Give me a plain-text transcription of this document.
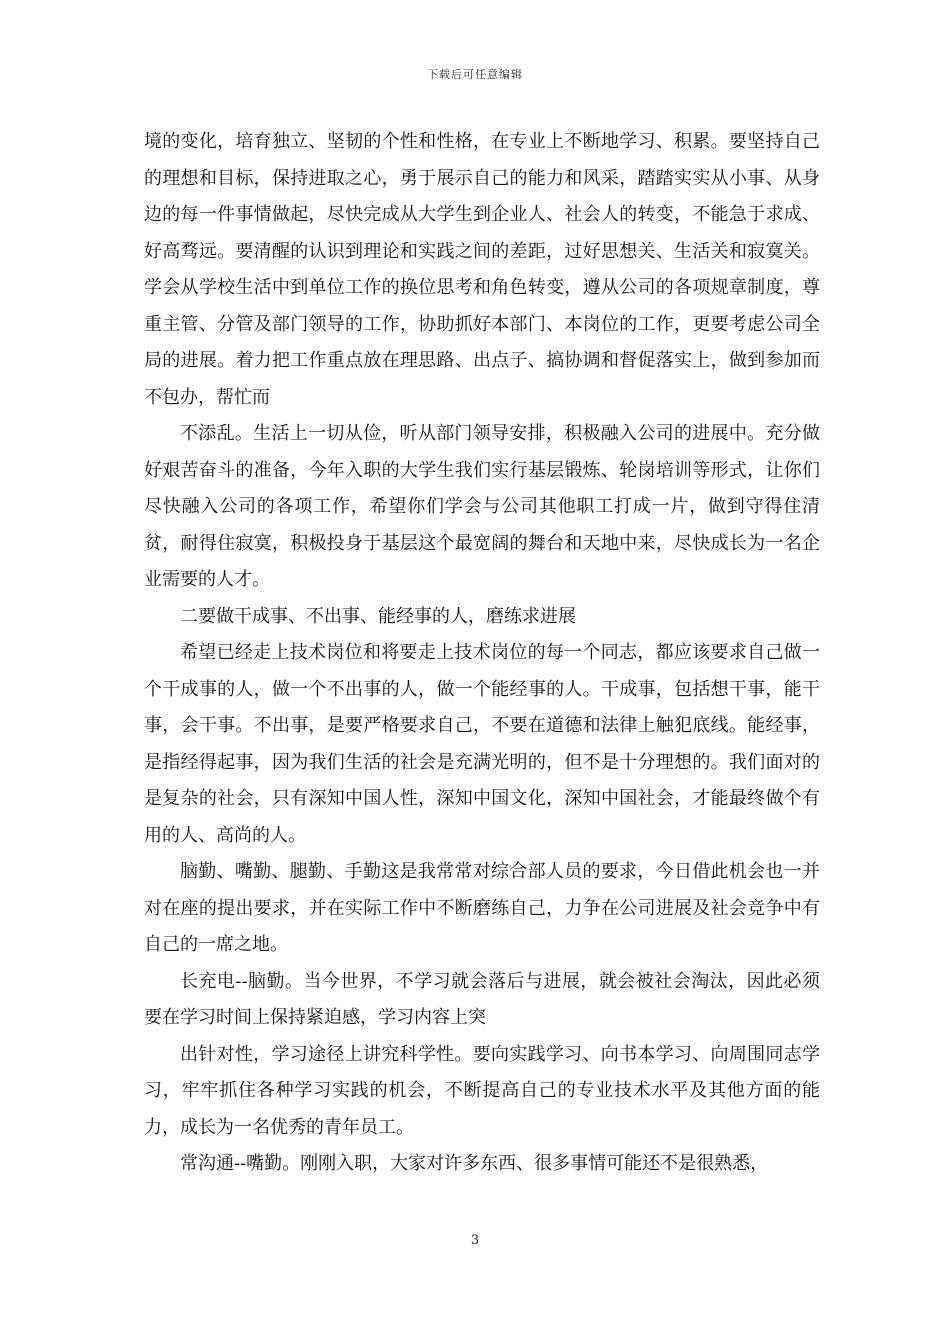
下载后可任意编辑

境的变化，培育独立、坚韧的个性和性格，在专业上不断地学习、积累。要坚持自己的理想和目标，保持进取之心，勇于展示自己的能力和风采，踏踏实实从小事、从身边的每一件事情做起，尽快完成从大学生到企业人、社会人的转变，不能急于求成、好高骛远。要清醒的认识到理论和实践之间的差距，过好思想关、生活关和寂寞关。学会从学校生活中到单位工作的换位思考和角色转变，遵从公司的各项规章制度，尊重主管、分管及部门领导的工作，协助抓好本部门、本岗位的工作，更要考虑公司全局的进展。着力把工作重点放在理思路、出点子、搞协调和督促落实上，做到参加而不包办，帮忙而

不添乱。生活上一切从俭，听从部门领导安排，积极融入公司的进展中。充分做好艰苦奋斗的准备，今年入职的大学生我们实行基层锻炼、轮岗培训等形式，让你们尽快融入公司的各项工作，希望你们学会与公司其他职工打成一片，做到守得住清贫，耐得住寂寞，积极投身于基层这个最宽阔的舞台和天地中来，尽快成长为一名企业需要的人才。

二要做干成事、不出事、能经事的人，磨练求进展

希望已经走上技术岗位和将要走上技术岗位的每一个同志，都应该要求自己做一个干成事的人，做一个不出事的人，做一个能经事的人。干成事，包括想干事，能干事，会干事。不出事，是要严格要求自己，不要在道德和法律上触犯底线。能经事，是指经得起事，因为我们生活的社会是充满光明的，但不是十分理想的。我们面对的是复杂的社会，只有深知中国人性，深知中国文化，深知中国社会，才能最终做个有用的人、高尚的人。

脑勤、嘴勤、腿勤、手勤这是我常常对综合部人员的要求，今日借此机会也一并对在座的提出要求，并在实际工作中不断磨练自己，力争在公司进展及社会竞争中有自己的一席之地。

长充电--脑勤。当今世界，不学习就会落后与进展，就会被社会淘汰，因此必须要在学习时间上保持紧迫感，学习内容上突

出针对性，学习途径上讲究科学性。要向实践学习、向书本学习、向周围同志学习，牢牢抓住各种学习实践的机会，不断提高自己的专业技术水平及其他方面的能力，成长为一名优秀的青年员工。

常沟通--嘴勤。刚刚入职，大家对许多东西、很多事情可能还不是很熟悉，

3
